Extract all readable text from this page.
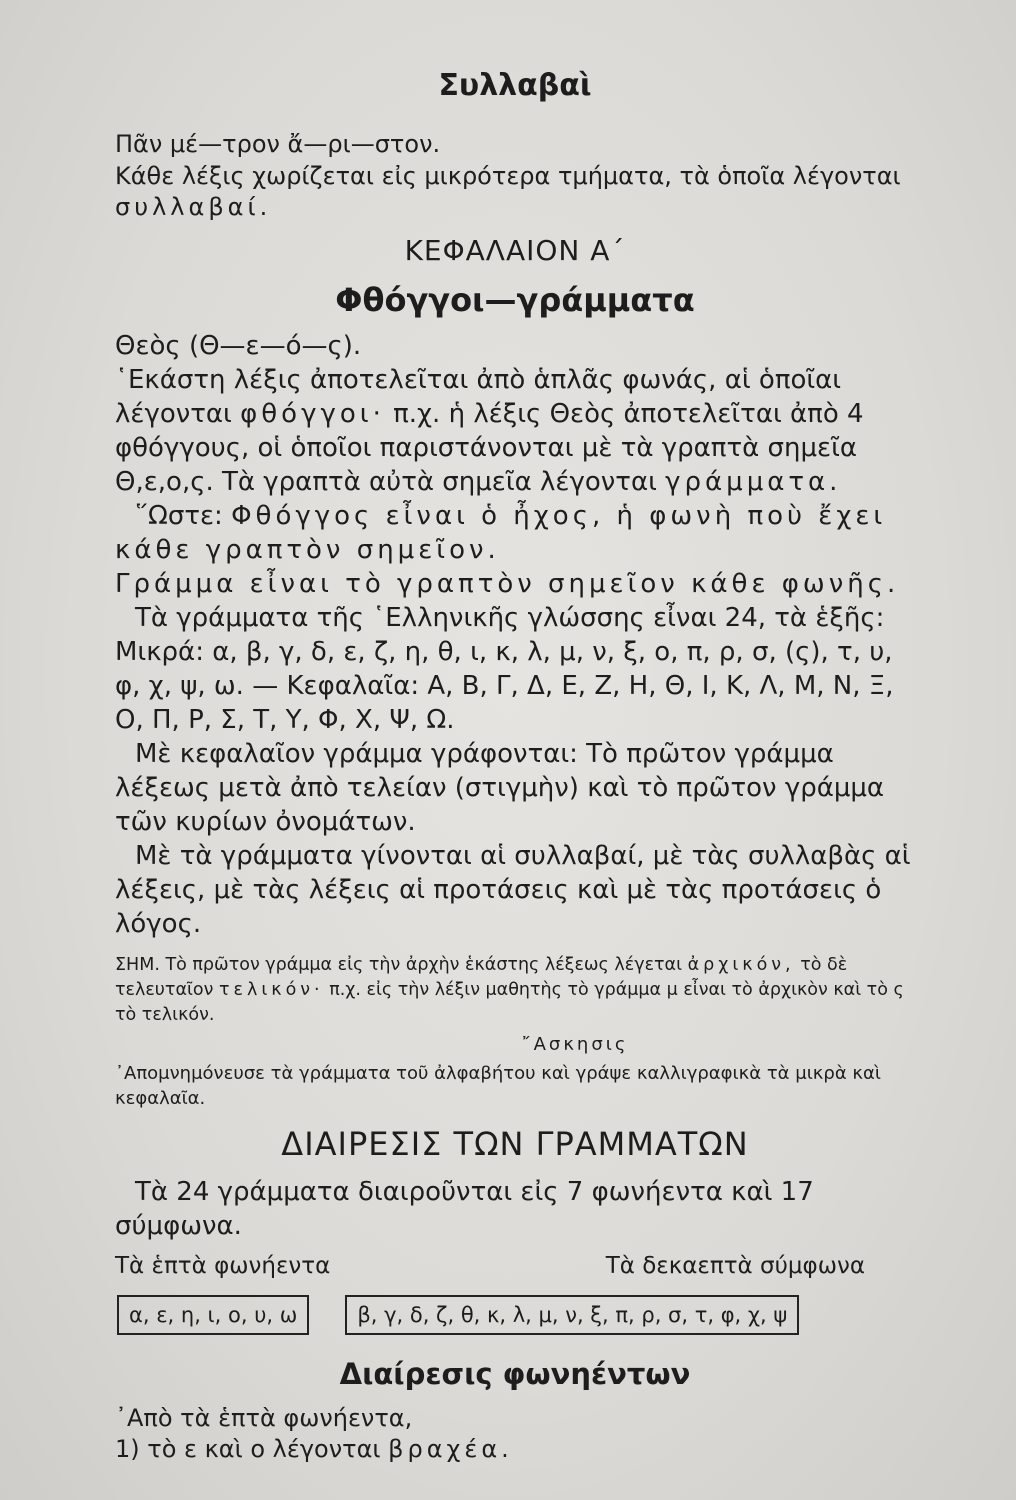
Συλλαβαὶ

Πᾶν μέ—τρον ἄ—ρι—στον.

Κάθε λέξις χωρίζεται εἰς μικρότερα τμήματα, τὰ ὁποῖα λέγονται συλλαβαί.

ΚΕΦΑΛΑΙΟΝ Α΄
Φθόγγοι—γράμματα

Θεὸς (Θ—ε—ό—ς).

῾Εκάστη λέξις ἀποτελεῖται ἀπὸ ἁπλᾶς φωνάς, αἱ ὁποῖαι λέγονται φθόγγοι· π.χ. ἡ λέξις Θεὸς ἀποτελεῖται ἀπὸ 4 φθόγγους, οἱ ὁποῖοι παριστάνονται μὲ τὰ γραπτὰ σημεῖα Θ,ε,ο,ς. Τὰ γραπτὰ αὐτὰ σημεῖα λέγονται γράμματα.

῞Ωστε: Φθόγγος εἶναι ὁ ἦχος, ἡ φωνὴ ποὺ ἔχει κάθε γραπτὸν σημεῖον.

Γράμμα εἶναι τὸ γραπτὸν σημεῖον κάθε φωνῆς.

Τὰ γράμματα τῆς ῾Ελληνικῆς γλώσσης εἶναι 24, τὰ ἑξῆς:

Μικρά: α, β, γ, δ, ε, ζ, η, θ, ι, κ, λ, μ, ν, ξ, ο, π, ρ, σ, (ς), τ, υ, φ, χ, ψ, ω. — Κεφαλαῖα: Α, Β, Γ, Δ, Ε, Ζ, Η, Θ, Ι, Κ, Λ, Μ, Ν, Ξ, Ο, Π, Ρ, Σ, Τ, Υ, Φ, Χ, Ψ, Ω.

Μὲ κεφαλαῖον γράμμα γράφονται: Τὸ πρῶτον γράμμα λέξεως μετὰ ἀπὸ τελείαν (στιγμὴν) καὶ τὸ πρῶτον γράμμα τῶν κυρίων ὀνομάτων.

Μὲ τὰ γράμματα γίνονται αἱ συλλαβαί, μὲ τὰς συλλαβὰς αἱ λέξεις, μὲ τὰς λέξεις αἱ προτάσεις καὶ μὲ τὰς προτάσεις ὁ λόγος.

ΣΗΜ. Τὸ πρῶτον γράμμα εἰς τὴν ἀρχὴν ἑκάστης λέξεως λέγεται ἀρχικόν, τὸ δὲ τελευταῖον τελικόν· π.χ. εἰς τὴν λέξιν μαθητὴς τὸ γράμμα μ εἶναι τὸ ἀρχικὸν καὶ τὸ ς τὸ τελικόν.

῎Ασκησις

᾿Απομνημόνευσε τὰ γράμματα τοῦ ἀλφαβήτου καὶ γράψε καλλιγραφικὰ τὰ μικρὰ καὶ κεφαλαῖα.

ΔΙΑΙΡΕΣΙΣ ΤΩΝ ΓΡΑΜΜΑΤΩΝ

Τὰ 24 γράμματα διαιροῦνται εἰς 7 φωνήεντα καὶ 17 σύμφωνα.

Τὰ ἑπτὰ φωνήεντα	Τὰ δεκαεπτὰ σύμφωνα
α, ε, η, ι, ο, υ, ω	β, γ, δ, ζ, θ, κ, λ, μ, ν, ξ, π, ρ, σ, τ, φ, χ, ψ
Διαίρεσις φωνηέντων

᾿Απὸ τὰ ἑπτὰ φωνήεντα,

1) τὸ ε καὶ ο λέγονται βραχέα.
